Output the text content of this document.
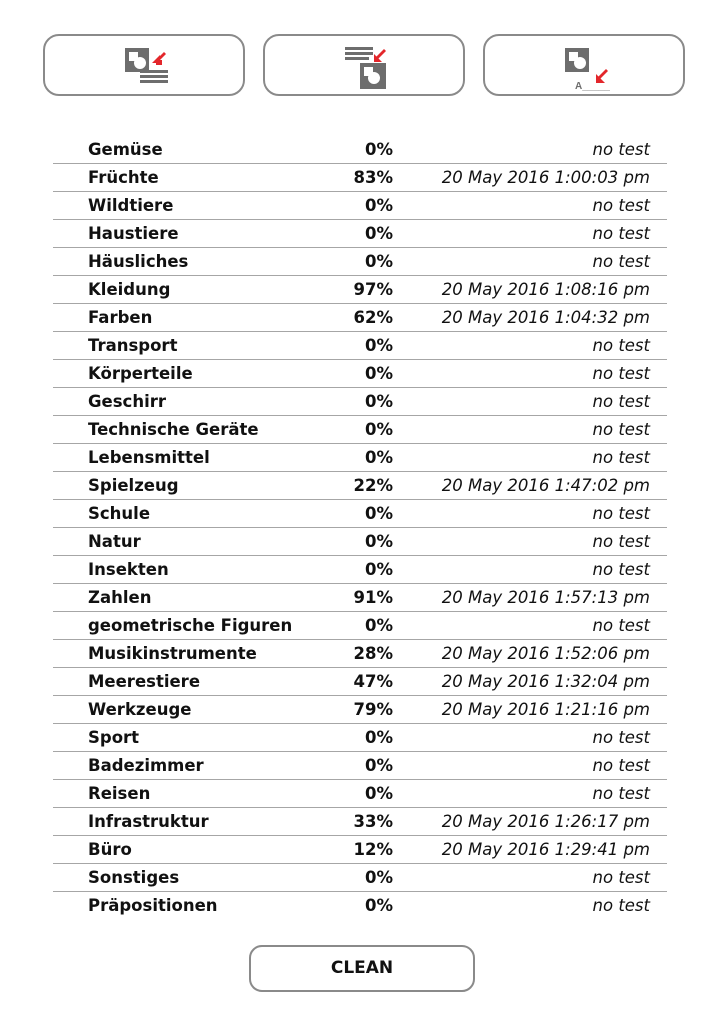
A_____
Gemüse	0%	no test
Früchte	83%	20 May 2016 1:00:03 pm
Wildtiere	0%	no test
Haustiere	0%	no test
Häusliches	0%	no test
Kleidung	97%	20 May 2016 1:08:16 pm
Farben	62%	20 May 2016 1:04:32 pm
Transport	0%	no test
Körperteile	0%	no test
Geschirr	0%	no test
Technische Geräte	0%	no test
Lebensmittel	0%	no test
Spielzeug	22%	20 May 2016 1:47:02 pm
Schule	0%	no test
Natur	0%	no test
Insekten	0%	no test
Zahlen	91%	20 May 2016 1:57:13 pm
geometrische Figuren	0%	no test
Musikinstrumente	28%	20 May 2016 1:52:06 pm
Meerestiere	47%	20 May 2016 1:32:04 pm
Werkzeuge	79%	20 May 2016 1:21:16 pm
Sport	0%	no test
Badezimmer	0%	no test
Reisen	0%	no test
Infrastruktur	33%	20 May 2016 1:26:17 pm
Büro	12%	20 May 2016 1:29:41 pm
Sonstiges	0%	no test
Präpositionen	0%	no test
CLEAN
